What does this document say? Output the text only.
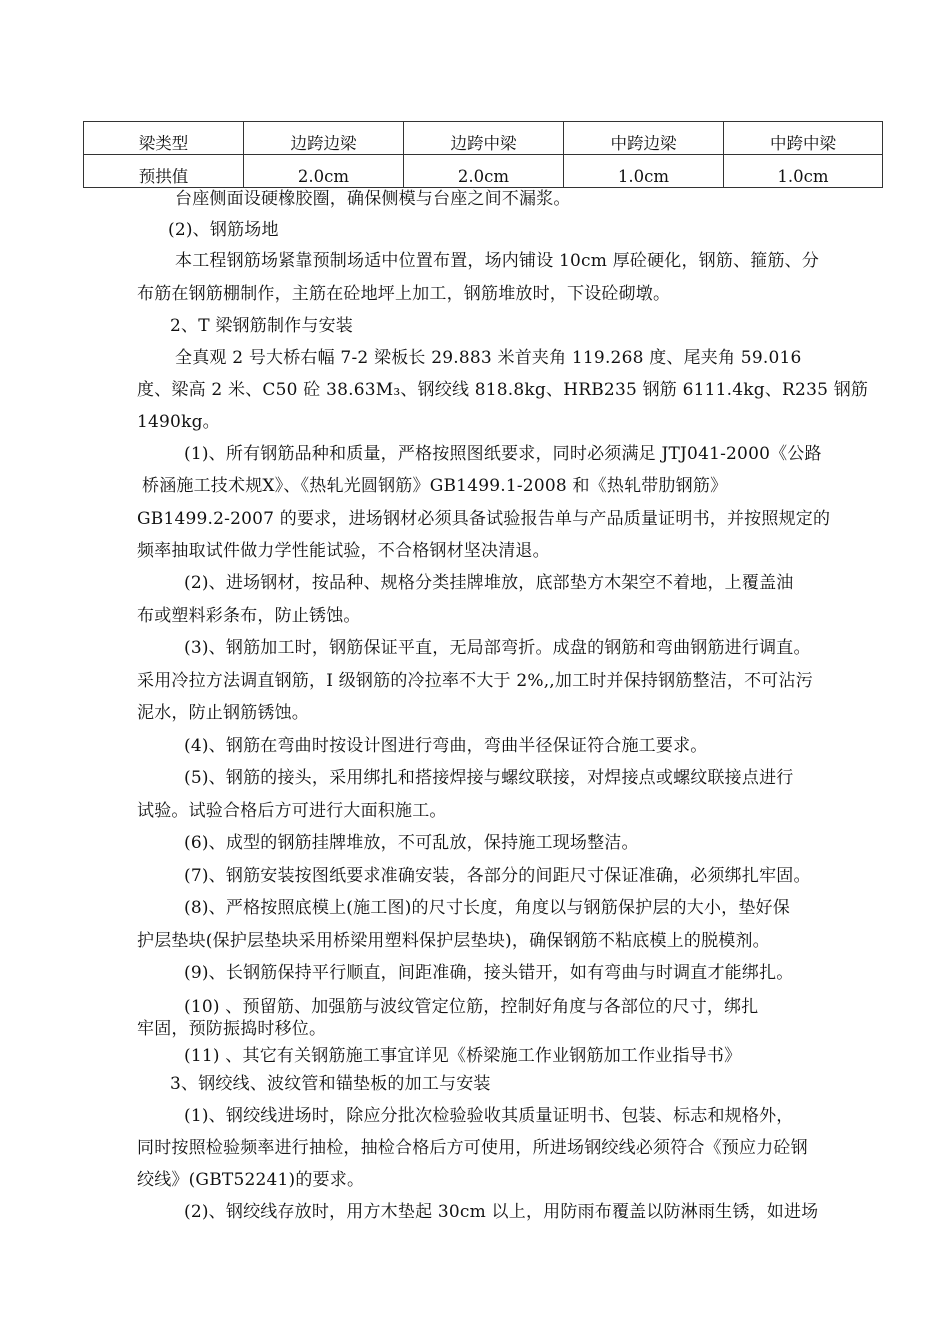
梁类型	边跨边梁	边跨中梁	中跨边梁	中跨中梁
预拱值	2.0cm	2.0cm	1.0cm	1.0cm
台座侧面设硬橡胶圈，确保侧模与台座之间不漏浆。
(2)、钢筋场地
本工程钢筋场紧靠预制场适中位置布置，场内铺设 10cm 厚砼硬化，钢筋、箍筋、分
布筋在钢筋棚制作，主筋在砼地坪上加工，钢筋堆放时，下设砼砌墩。
2、T 梁钢筋制作与安装
全真观 2 号大桥右幅 7-2 梁板长 29.883 米首夹角 119.268 度、尾夹角 59.016
度、梁高 2 米、C50 砼 38.63M₃、钢绞线 818.8kg、HRB235 钢筋 6111.4kg、R235 钢筋
1490kg。
(1)、所有钢筋品种和质量，严格按照图纸要求，同时必须满足 JTJ041-2000《公路
桥涵施工技术规X》、《热轧光圆钢筋》GB1499.1-2008 和《热轧带肋钢筋》
GB1499.2-2007 的要求，进场钢材必须具备试验报告单与产品质量证明书，并按照规定的
频率抽取试件做力学性能试验，不合格钢材坚决清退。
(2)、进场钢材，按品种、规格分类挂牌堆放，底部垫方木架空不着地，上覆盖油
布或塑料彩条布，防止锈蚀。
(3)、钢筋加工时，钢筋保证平直，无局部弯折。成盘的钢筋和弯曲钢筋进行调直。
采用冷拉方法调直钢筋，I 级钢筋的冷拉率不大于 2%,,加工时并保持钢筋整洁，不可沾污
泥水，防止钢筋锈蚀。
(4)、钢筋在弯曲时按设计图进行弯曲，弯曲半径保证符合施工要求。
(5)、钢筋的接头，采用绑扎和搭接焊接与螺纹联接，对焊接点或螺纹联接点进行
试验。试验合格后方可进行大面积施工。
(6)、成型的钢筋挂牌堆放，不可乱放，保持施工现场整洁。
(7)、钢筋安装按图纸要求准确安装，各部分的间距尺寸保证准确，必须绑扎牢固。
(8)、严格按照底模上(施工图)的尺寸长度，角度以与钢筋保护层的大小，垫好保
护层垫块(保护层垫块采用桥梁用塑料保护层垫块)，确保钢筋不粘底模上的脱模剂。
(9)、长钢筋保持平行顺直，间距准确，接头错开，如有弯曲与时调直才能绑扎。
(10) 、预留筋、加强筋与波纹管定位筋，控制好角度与各部位的尺寸，绑扎
牢固，预防振捣时移位。
(11) 、其它有关钢筋施工事宜详见《桥梁施工作业钢筋加工作业指导书》
3、钢绞线、波纹管和锚垫板的加工与安装
(1)、钢绞线进场时，除应分批次检验验收其质量证明书、包装、标志和规格外，
同时按照检验频率进行抽检，抽检合格后方可使用，所进场钢绞线必须符合《预应力砼钢
绞线》(GBT52241)的要求。
(2)、钢绞线存放时，用方木垫起 30cm 以上，用防雨布覆盖以防淋雨生锈，如进场
